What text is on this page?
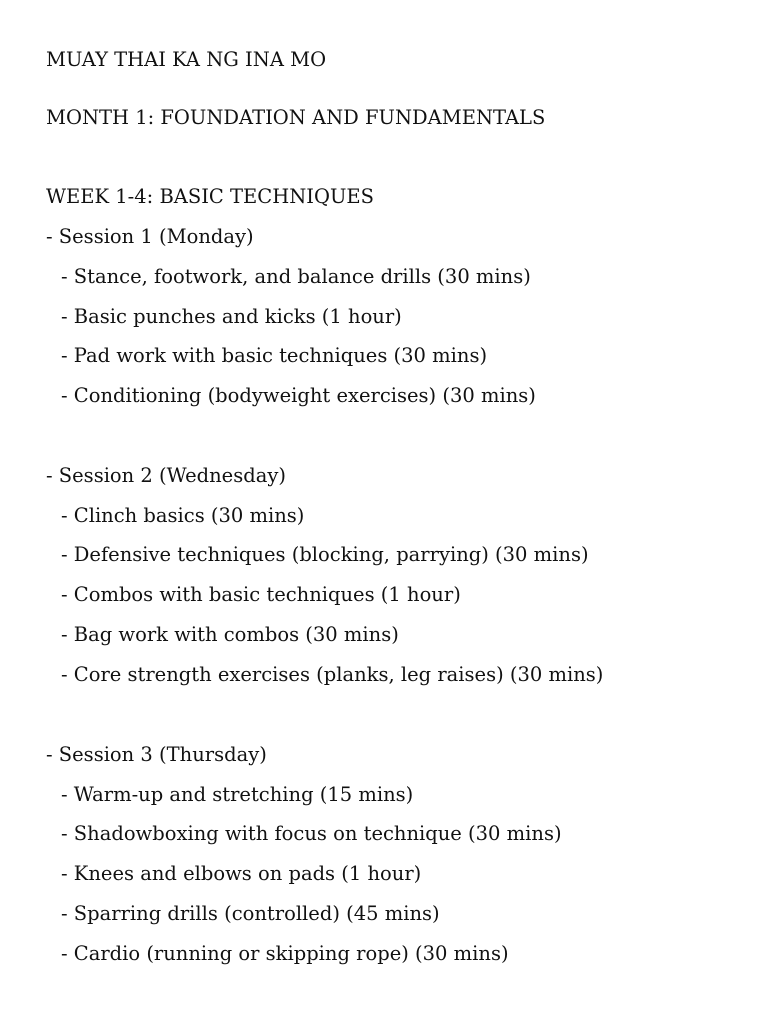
MUAY THAI KA NG INA MO

MONTH 1: FOUNDATION AND FUNDAMENTALS

WEEK 1-4: BASIC TECHNIQUES

- Session 1 (Monday)

- Stance, footwork, and balance drills (30 mins)

- Basic punches and kicks (1 hour)

- Pad work with basic techniques (30 mins)

- Conditioning (bodyweight exercises) (30 mins)

- Session 2 (Wednesday)

- Clinch basics (30 mins)

- Defensive techniques (blocking, parrying) (30 mins)

- Combos with basic techniques (1 hour)

- Bag work with combos (30 mins)

- Core strength exercises (planks, leg raises) (30 mins)

- Session 3 (Thursday)

- Warm-up and stretching (15 mins)

- Shadowboxing with focus on technique (30 mins)

- Knees and elbows on pads (1 hour)

- Sparring drills (controlled) (45 mins)

- Cardio (running or skipping rope) (30 mins)
